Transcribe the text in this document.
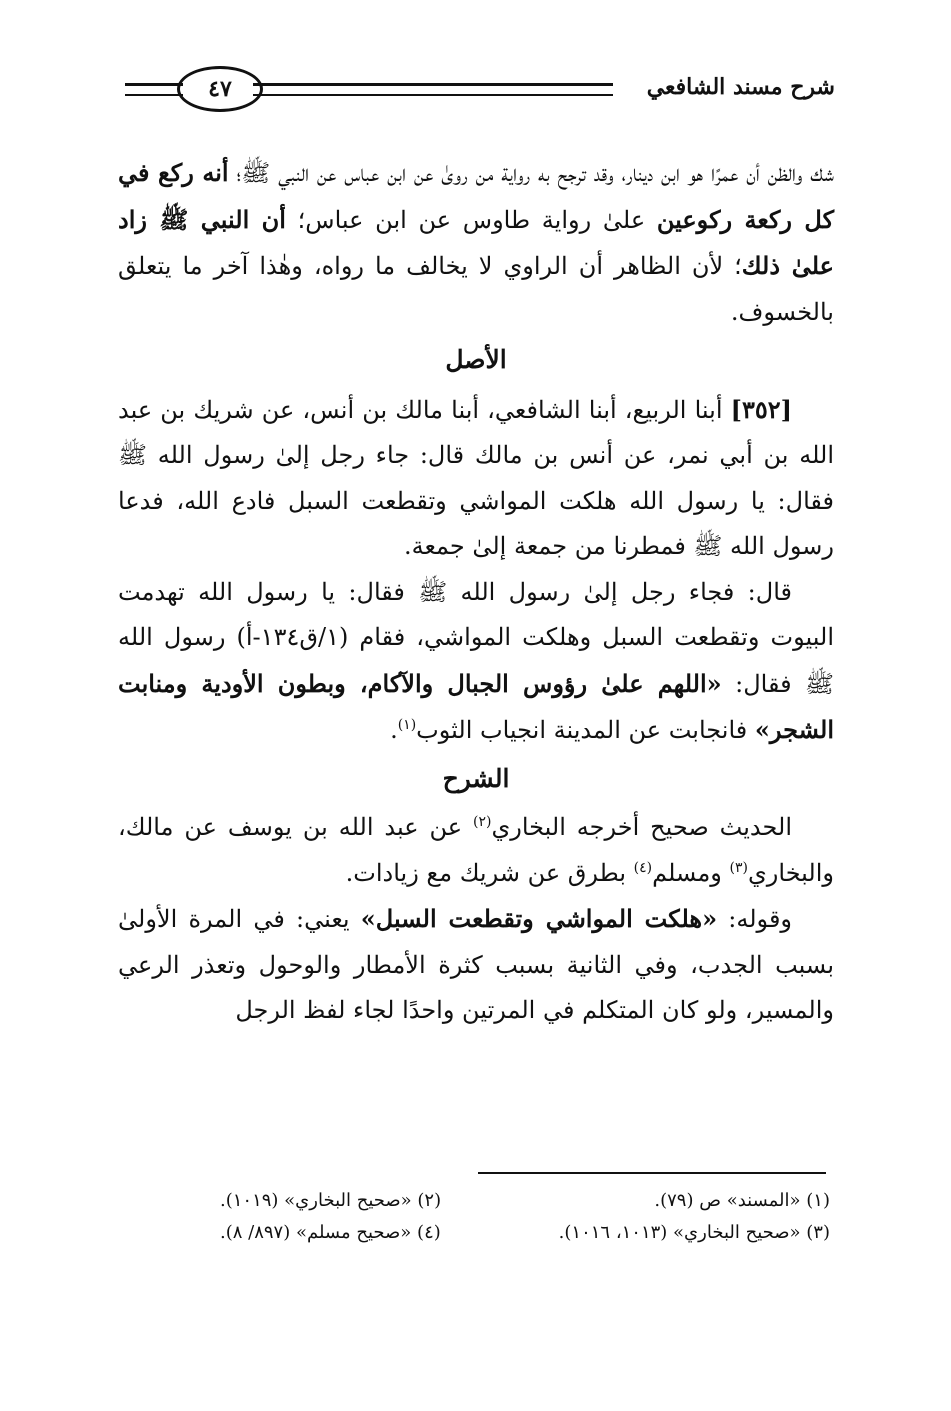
٤٧	شرح مسند الشافعي

شك والظن أن عمرًا هو ابن دينار، وقد ترجح به رواية من روىٰ عن ابن عباس عن النبي ﷺ؛ أنه ركع في كل ركعة ركوعين علىٰ رواية طاوس عن ابن عباس؛ أن النبي ﷺ زاد علىٰ ذلك؛ لأن الظاهر أن الراوي لا يخالف ما رواه، وهٰذا آخر ما يتعلق بالخسوف.

الأصل

[٣٥٢] أبنا الربيع، أبنا الشافعي، أبنا مالك بن أنس، عن شريك بن عبد الله بن أبي نمر، عن أنس بن مالك قال: جاء رجل إلىٰ رسول الله ﷺ فقال: يا رسول الله هلكت المواشي وتقطعت السبل فادع الله، فدعا رسول الله ﷺ فمطرنا من جمعة إلىٰ جمعة.

قال: فجاء رجل إلىٰ رسول الله ﷺ فقال: يا رسول الله تهدمت البيوت وتقطعت السبل وهلكت المواشي، فقام (١/ق١٣٤-أ) رسول الله ﷺ فقال: «اللهم علىٰ رؤوس الجبال والآكام، وبطون الأودية ومنابت الشجر» فانجابت عن المدينة انجياب الثوب$^{(١)}$.

الشرح

الحديث صحيح أخرجه البخاري$^{(٢)}$ عن عبد الله بن يوسف عن مالك، والبخاري$^{(٣)}$ ومسلم$^{(٤)}$ بطرق عن شريك مع زيادات.

وقوله: «هلكت المواشي وتقطعت السبل» يعني: في المرة الأولىٰ بسبب الجدب، وفي الثانية بسبب كثرة الأمطار والوحول وتعذر الرعي والمسير، ولو كان المتكلم في المرتين واحدًا لجاء لفظ الرجل

(١) «المسند» ص (٧٩).
(٢) «صحيح البخاري» (١٠١٩).
(٣) «صحيح البخاري» (١٠١٣، ١٠١٦).
(٤) «صحيح مسلم» (٨٩٧/ ٨).
